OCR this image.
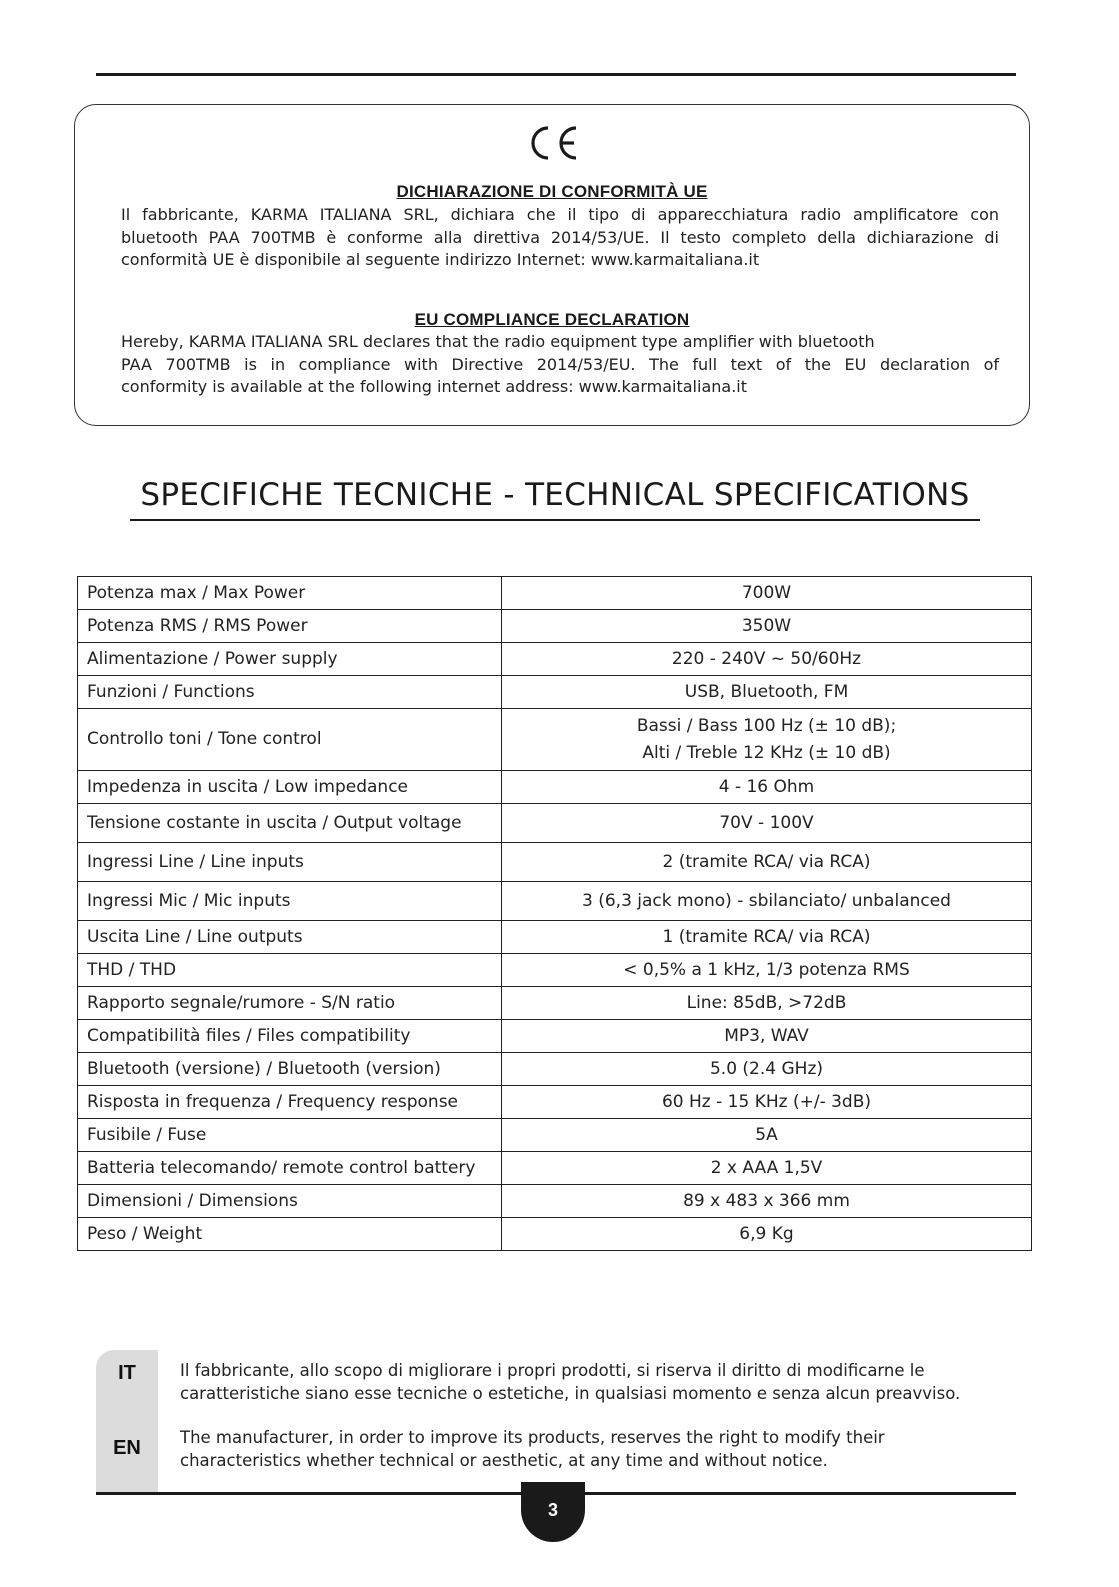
DICHIARAZIONE DI CONFORMITÀ UE
Il fabbricante, KARMA ITALIANA SRL, dichiara che il tipo di apparecchiatura radio amplificatore con
bluetooth PAA 700TMB è conforme alla direttiva 2014/53/UE. Il testo completo della dichiarazione di
conformità UE è disponibile al seguente indirizzo Internet: www.karmaitaliana.it
EU COMPLIANCE DECLARATION
Hereby, KARMA ITALIANA SRL declares that the radio equipment type amplifier with bluetooth
PAA 700TMB is in compliance with Directive 2014/53/EU. The full text of the EU declaration of
conformity is available at the following internet address: www.karmaitaliana.it
SPECIFICHE TECNICHE - TECHNICAL SPECIFICATIONS
Potenza max / Max Power	700W
Potenza RMS / RMS Power	350W
Alimentazione / Power supply	220 - 240V ~ 50/60Hz
Funzioni / Functions	USB, Bluetooth, FM
Controllo toni / Tone control	Bassi / Bass 100 Hz (± 10 dB);
Alti / Treble 12 KHz (± 10 dB)

Impedenza in uscita / Low impedance	4 - 16 Ohm
Tensione costante in uscita / Output voltage	70V - 100V
Ingressi Line / Line inputs	2 (tramite RCA/ via RCA)
Ingressi Mic / Mic inputs	3 (6,3 jack mono) - sbilanciato/ unbalanced
Uscita Line / Line outputs	1 (tramite RCA/ via RCA)
THD / THD	< 0,5% a 1 kHz, 1/3 potenza RMS
Rapporto segnale/rumore - S/N ratio	Line: 85dB, >72dB
Compatibilità files / Files compatibility	MP3, WAV
Bluetooth (versione) / Bluetooth (version)	5.0 (2.4 GHz)
Risposta in frequenza / Frequency response	60 Hz - 15 KHz (+/- 3dB)
Fusibile / Fuse	5A
Batteria telecomando/ remote control battery	2 x AAA 1,5V
Dimensioni / Dimensions	89 x 483 x 366 mm
Peso / Weight	6,9 Kg
IT
EN
Il fabbricante, allo scopo di migliorare i propri prodotti, si riserva il diritto di modificarne le
caratteristiche siano esse tecniche o estetiche, in qualsiasi momento e senza alcun preavviso.
The manufacturer, in order to improve its products, reserves the right to modify their
characteristics whether technical or aesthetic, at any time and without notice.
3
